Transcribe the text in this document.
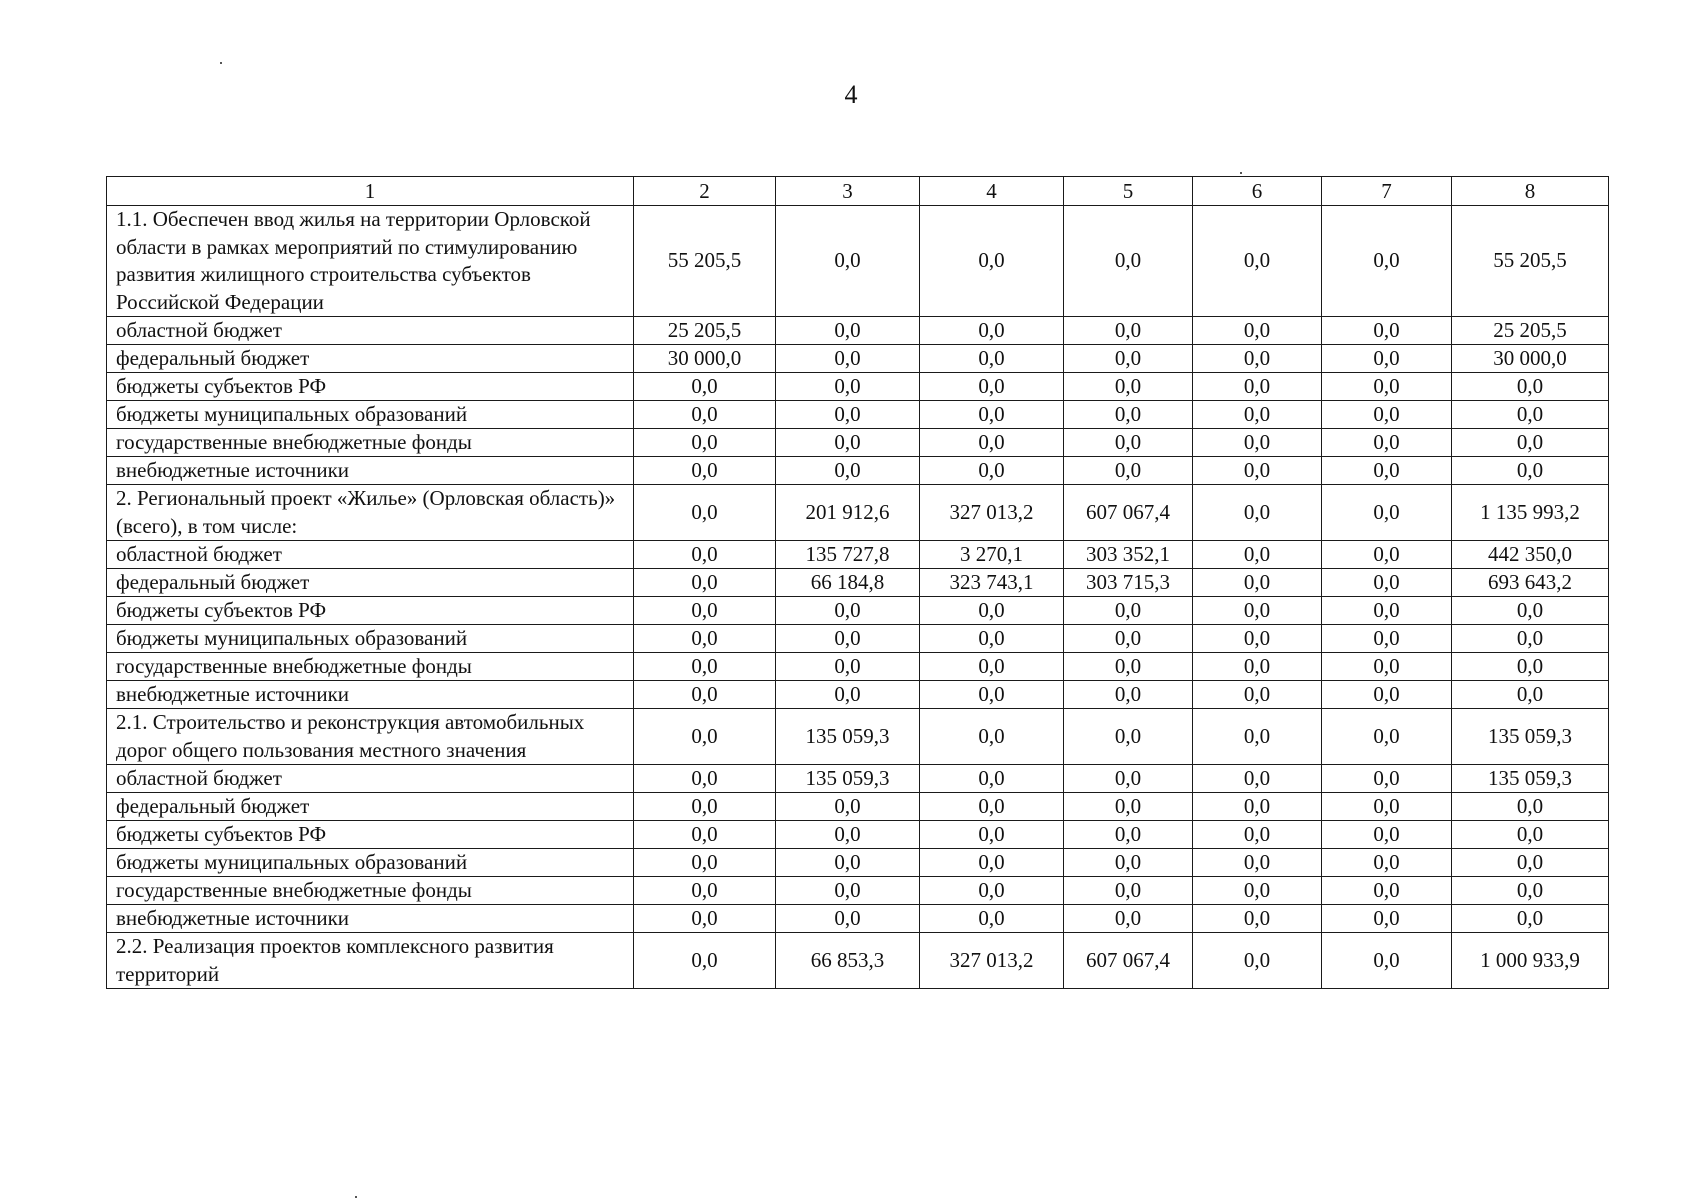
4
1	2	3	4	5	6	7	8
1.1. Обеспечен ввод жилья на территории Орловской области в рамках мероприятий по стимулированию развития жилищного строительства субъектов Российской Федерации	55 205,5	0,0	0,0	0,0	0,0	0,0	55 205,5
областной бюджет	25 205,5	0,0	0,0	0,0	0,0	0,0	25 205,5
федеральный бюджет	30 000,0	0,0	0,0	0,0	0,0	0,0	30 000,0
бюджеты субъектов РФ	0,0	0,0	0,0	0,0	0,0	0,0	0,0
бюджеты муниципальных образований	0,0	0,0	0,0	0,0	0,0	0,0	0,0
государственные внебюджетные фонды	0,0	0,0	0,0	0,0	0,0	0,0	0,0
внебюджетные источники	0,0	0,0	0,0	0,0	0,0	0,0	0,0
2. Региональный проект «Жилье» (Орловская область)» (всего), в том числе:	0,0	201 912,6	327 013,2	607 067,4	0,0	0,0	1 135 993,2
областной бюджет	0,0	135 727,8	3 270,1	303 352,1	0,0	0,0	442 350,0
федеральный бюджет	0,0	66 184,8	323 743,1	303 715,3	0,0	0,0	693 643,2
бюджеты субъектов РФ	0,0	0,0	0,0	0,0	0,0	0,0	0,0
бюджеты муниципальных образований	0,0	0,0	0,0	0,0	0,0	0,0	0,0
государственные внебюджетные фонды	0,0	0,0	0,0	0,0	0,0	0,0	0,0
внебюджетные источники	0,0	0,0	0,0	0,0	0,0	0,0	0,0
2.1. Строительство и реконструкция автомобильных дорог общего пользования местного значения	0,0	135 059,3	0,0	0,0	0,0	0,0	135 059,3
областной бюджет	0,0	135 059,3	0,0	0,0	0,0	0,0	135 059,3
федеральный бюджет	0,0	0,0	0,0	0,0	0,0	0,0	0,0
бюджеты субъектов РФ	0,0	0,0	0,0	0,0	0,0	0,0	0,0
бюджеты муниципальных образований	0,0	0,0	0,0	0,0	0,0	0,0	0,0
государственные внебюджетные фонды	0,0	0,0	0,0	0,0	0,0	0,0	0,0
внебюджетные источники	0,0	0,0	0,0	0,0	0,0	0,0	0,0
2.2. Реализация проектов комплексного развития территорий	0,0	66 853,3	327 013,2	607 067,4	0,0	0,0	1 000 933,9
